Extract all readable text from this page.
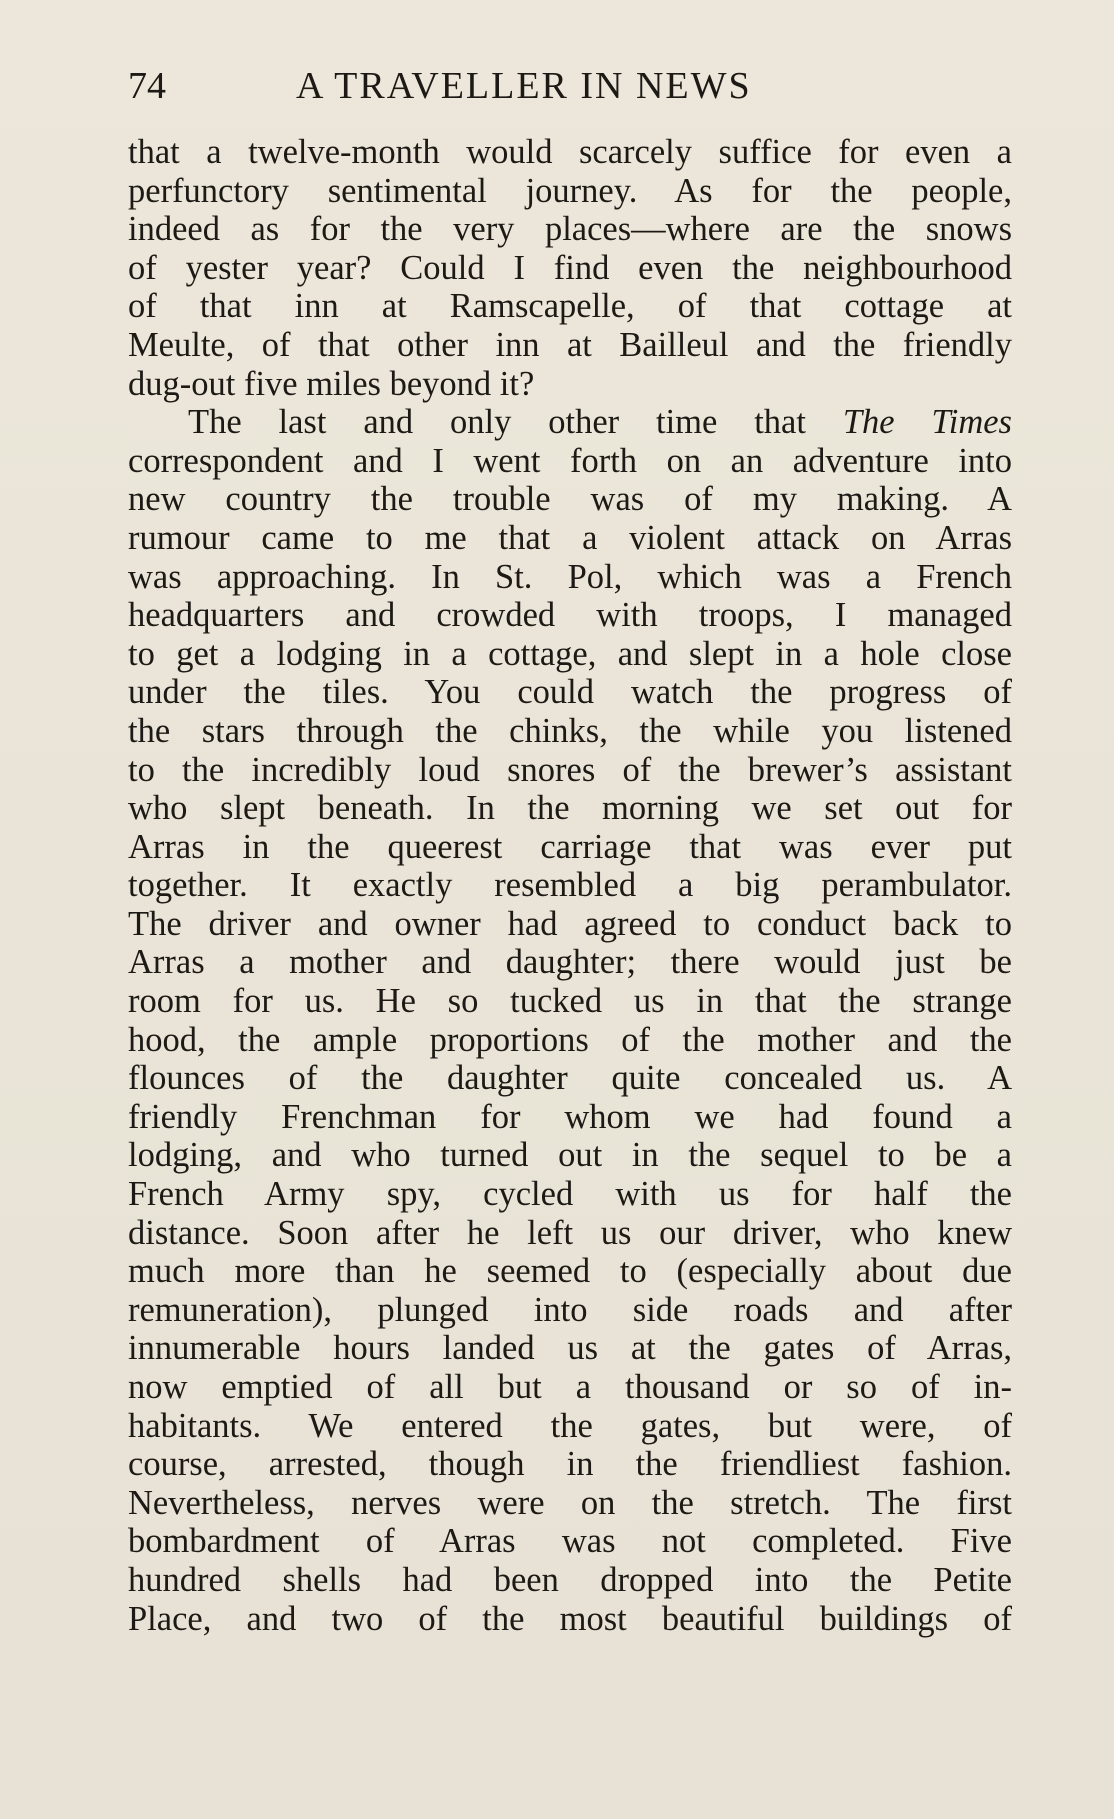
74	A TRAVELLER IN NEWS
that a twelve-month would scarcely suffice for even a
perfunctory sentimental journey. As for the people,
indeed as for the very places—where are the snows
of yester year? Could I find even the neighbourhood
of that inn at Ramscapelle, of that cottage at
Meulte, of that other inn at Bailleul and the friendly
dug-out five miles beyond it?
The last and only other time that The Times
correspondent and I went forth on an adventure into
new country the trouble was of my making. A
rumour came to me that a violent attack on Arras
was approaching. In St. Pol, which was a French
headquarters and crowded with troops, I managed
to get a lodging in a cottage, and slept in a hole close
under the tiles. You could watch the progress of
the stars through the chinks, the while you listened
to the incredibly loud snores of the brewer’s assistant
who slept beneath. In the morning we set out for
Arras in the queerest carriage that was ever put
together. It exactly resembled a big perambulator.
The driver and owner had agreed to conduct back to
Arras a mother and daughter; there would just be
room for us. He so tucked us in that the strange
hood, the ample proportions of the mother and the
flounces of the daughter quite concealed us. A
friendly Frenchman for whom we had found a
lodging, and who turned out in the sequel to be a
French Army spy, cycled with us for half the
distance. Soon after he left us our driver, who knew
much more than he seemed to (especially about due
remuneration), plunged into side roads and after
innumerable hours landed us at the gates of Arras,
now emptied of all but a thousand or so of in-
habitants. We entered the gates, but were, of
course, arrested, though in the friendliest fashion.
Nevertheless, nerves were on the stretch. The first
bombardment of Arras was not completed. Five
hundred shells had been dropped into the Petite
Place, and two of the most beautiful buildings of
